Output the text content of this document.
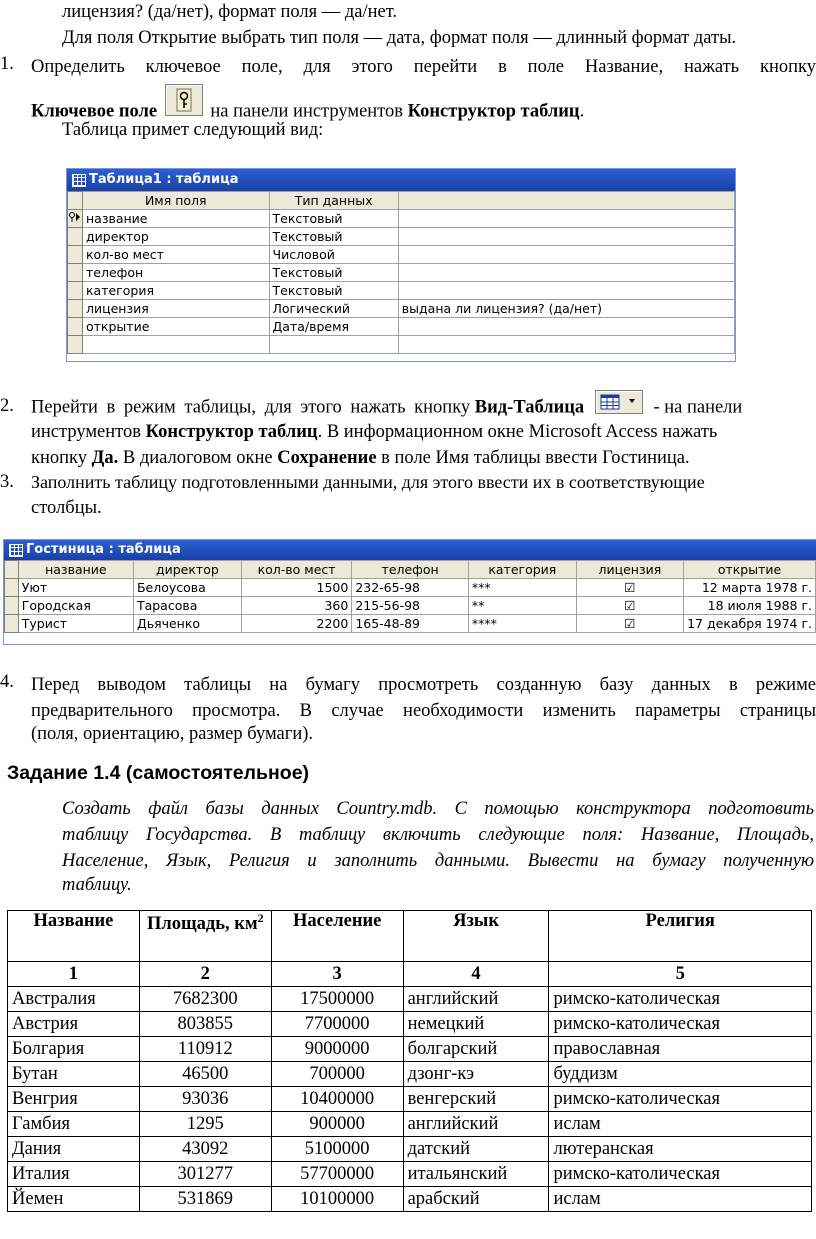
лицензия? (да/нет), формат поля — да/нет.
Для поля Открытие выбрать тип поля — дата, формат поля — длинный формат даты.
1. Определить ключевое поле, для этого перейти в поле Название, нажать кнопку
Ключевое поле	на панели инструментов Конструктор таблиц.
Таблица примет следующий вид:
Таблица1 : таблица
	Имя поля	Тип данных	
	название	Текстовый	
	директор	Текстовый	
	кол-во мест	Числовой	
	телефон	Текстовый	
	категория	Текстовый	
	лицензия	Логический	выдана ли лицензия? (да/нет)
	открытие	Дата/время	

2. Перейти в режим таблицы, для этого нажать кнопку Вид-Таблица	- на панели
инструментов Конструктор таблиц. В информационном окне Microsoft Access нажать
кнопку Да. В диалоговом окне Сохранение в поле Имя таблицы ввести Гостиница.
3. Заполнить таблицу подготовленными данными, для этого ввести их в соответствующие
столбцы.
Гостиница : таблица
	название	директор	кол-во мест	телефон	категория	лицензия	открытие
	Уют	Белоусова	1500	232-65-98	***	☑	12 марта 1978 г.
	Городская	Тарасова	360	215-56-98	**	☑	18 июля 1988 г.
	Турист	Дьяченко	2200	165-48-89	****	☑	17 декабря 1974 г.
4. Перед выводом таблицы на бумагу просмотреть созданную базу данных в режиме
предварительного просмотра. В случае необходимости изменить параметры страницы
(поля, ориентацию, размер бумаги).
Задание 1.4 (самостоятельное)
Создать файл базы данных Country.mdb. С помощью конструктора подготовить
таблицу Государства. В таблицу включить следующие поля: Название, Площадь,
Население, Язык, Религия и заполнить данными. Вывести на бумагу полученную
таблицу.
Название	Площадь, $км^2$	Население	Язык	Религия
1	2	3	4	5
Австралия	7682300	17500000	английский	римско-католическая
Австрия	803855	7700000	немецкий	римско-католическая
Болгария	110912	9000000	болгарский	православная
Бутан	46500	700000	дзонг-кэ	буддизм
Венгрия	93036	10400000	венгерский	римско-католическая
Гамбия	1295	900000	английский	ислам
Дания	43092	5100000	датский	лютеранская
Италия	301277	57700000	итальянский	римско-католическая
Йемен	531869	10100000	арабский	ислам
